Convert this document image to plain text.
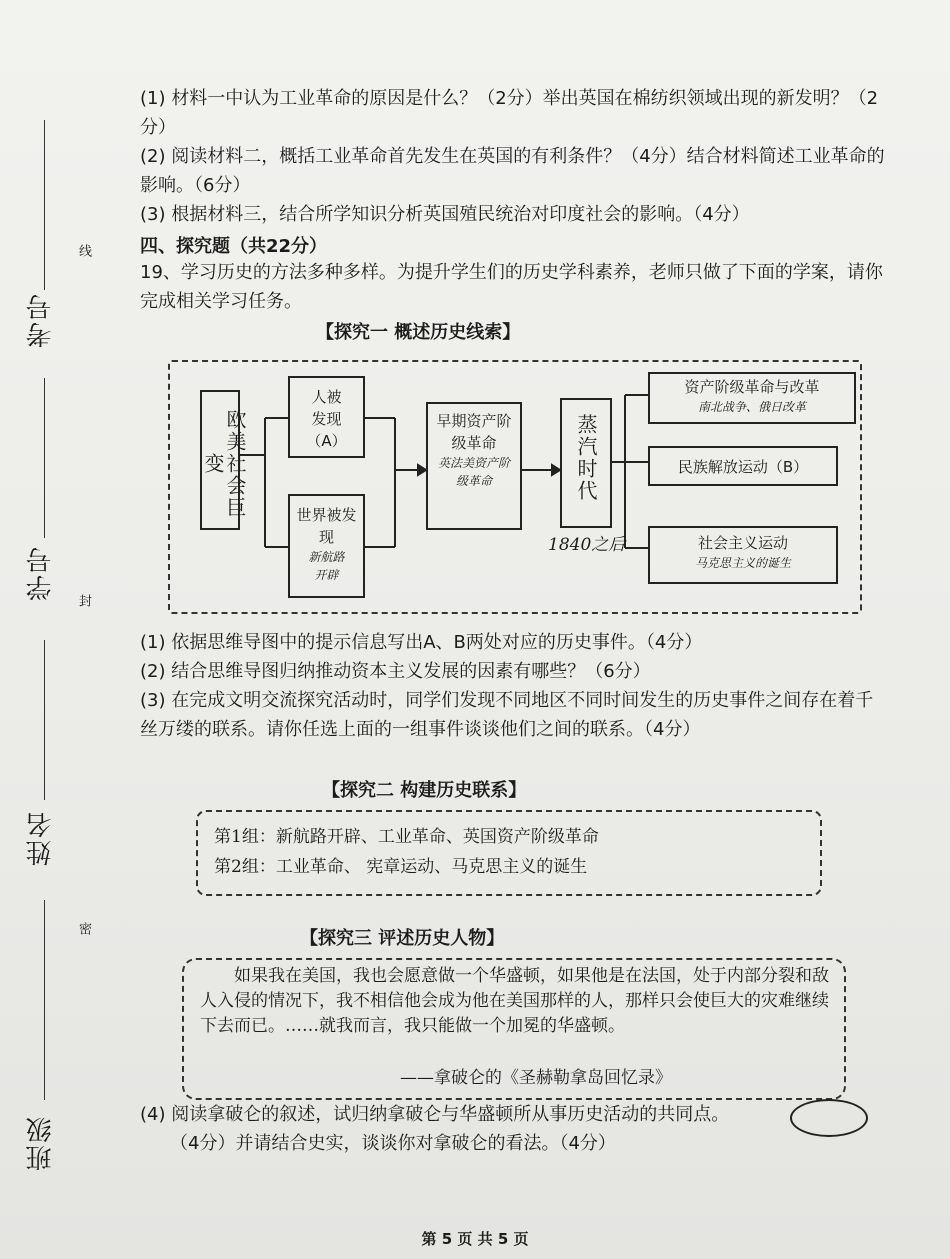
考号
学号
姓名
班级
线
封
密

(1) 材料一中认为工业革命的原因是什么？（2分）举出英国在棉纺织领域出现的新发明？（2分）

(2) 阅读材料二，概括工业革命首先发生在英国的有利条件？（4分）结合材料简述工业革命的影响。（6分）

(3) 根据材料三，结合所学知识分析英国殖民统治对印度社会的影响。（4分）

四、探究题（共22分）
19、学习历史的方法多种多样。为提升学生们的历史学科素养，老师只做了下面的学案，请你完成相关学习任务。
【探究一 概述历史线索】
欧美社会巨变
人被发现
（A）
世界被发现
新航路开辟
早期资产阶级革命
英法美资产阶级革命	蒸汽时代
1840之后
资产阶级革命与改革
南北战争、俄日改革
民族解放运动（B）
社会主义运动
马克思主义的诞生

(1) 依据思维导图中的提示信息写出A、B两处对应的历史事件。（4分）

(2) 结合思维导图归纳推动资本主义发展的因素有哪些？（6分）

(3) 在完成文明交流探究活动时，同学们发现不同地区不同时间发生的历史事件之间存在着千丝万缕的联系。请你任选上面的一组事件谈谈他们之间的联系。（4分）

【探究二 构建历史联系】
第1组：新航路开辟、工业革命、英国资产阶级革命
第2组：工业革命、 宪章运动、马克思主义的诞生
【探究三 评述历史人物】
如果我在美国，我也会愿意做一个华盛顿，如果他是在法国，处于内部分裂和敌人入侵的情况下，我不相信他会成为他在美国那样的人，那样只会使巨大的灾难继续下去而已。……就我而言，我只能做一个加冕的华盛顿。
——拿破仑的《圣赫勒拿岛回忆录》

(4) 阅读拿破仑的叙述，试归纳拿破仑与华盛顿所从事历史活动的共同点。

（4分）并请结合史实，谈谈你对拿破仑的看法。（4分）

第 5 页 共 5 页
